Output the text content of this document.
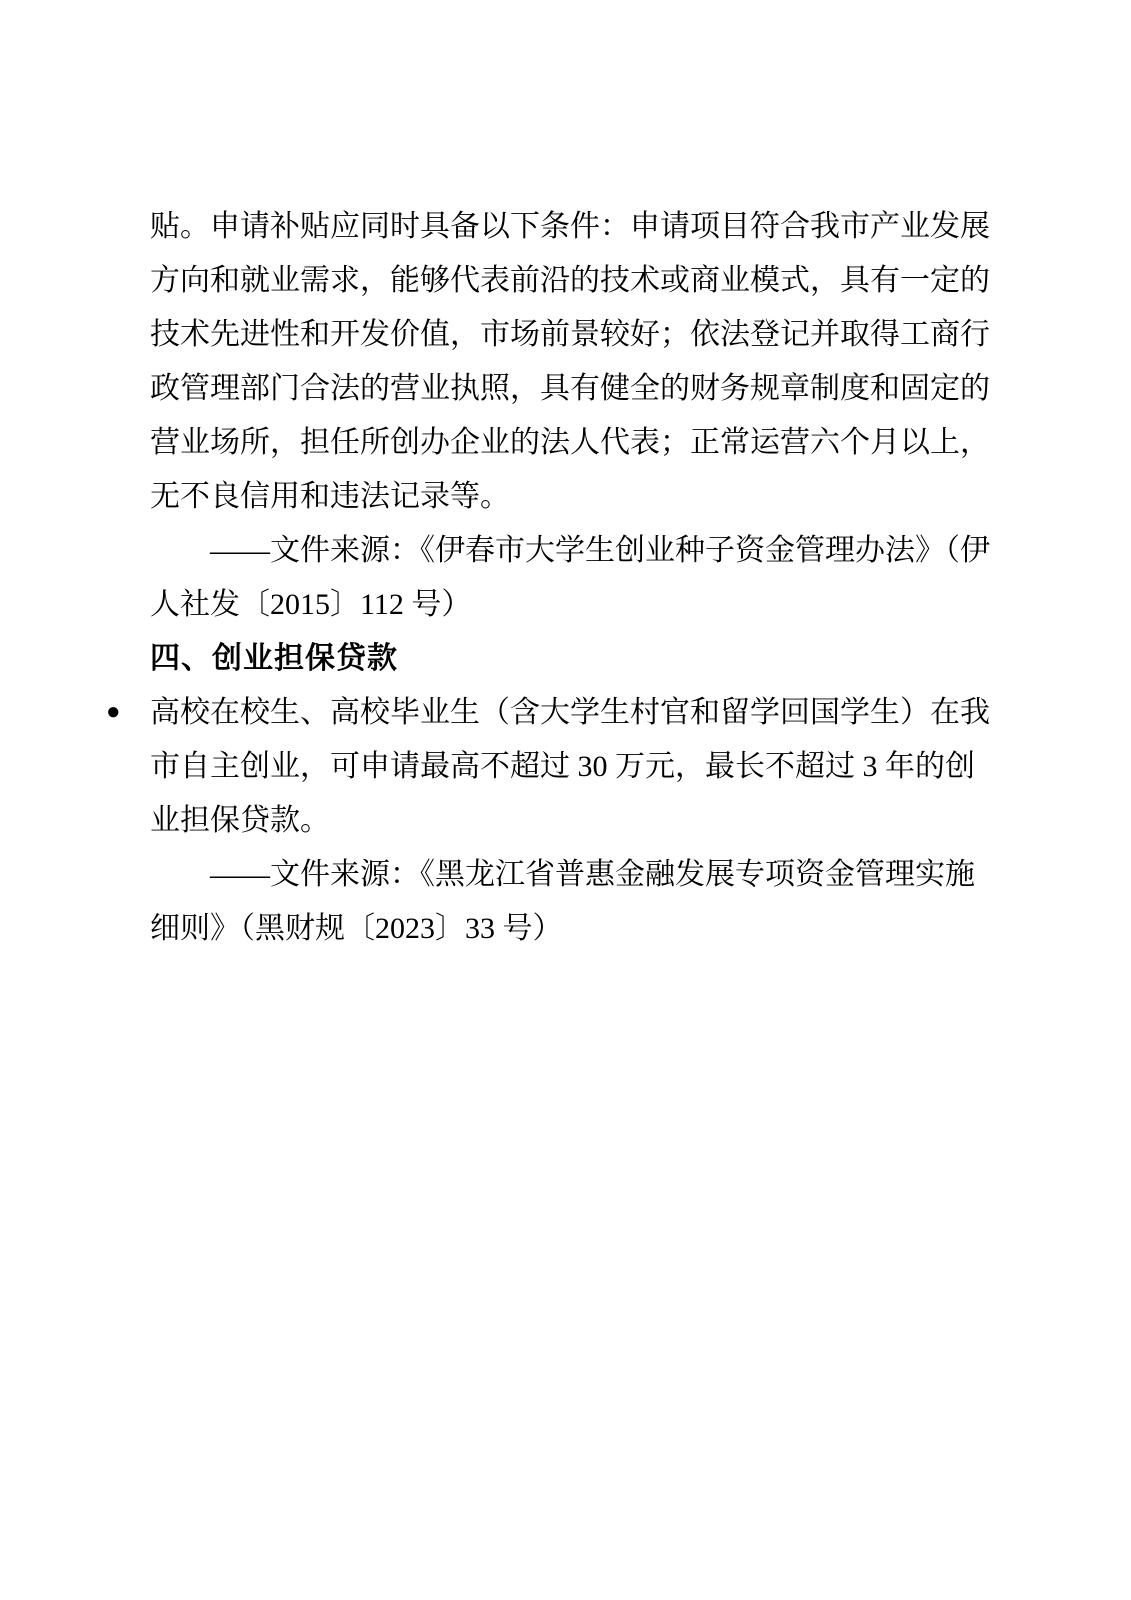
贴。申请补贴应同时具备以下条件：申请项目符合我市产业发展
方向和就业需求，能够代表前沿的技术或商业模式，具有一定的
技术先进性和开发价值，市场前景较好；依法登记并取得工商行
政管理部门合法的营业执照，具有健全的财务规章制度和固定的
营业场所，担任所创办企业的法人代表；正常运营六个月以上，
无不良信用和违法记录等。
——文件来源：《伊春市大学生创业种子资金管理办法》（伊
人社发〔2015〕112 号）
四、创业担保贷款
● 高校在校生、高校毕业生（含大学生村官和留学回国学生）在我
市自主创业，可申请最高不超过 30 万元，最长不超过 3 年的创
业担保贷款。
——文件来源：《黑龙江省普惠金融发展专项资金管理实施
细则》（黑财规〔2023〕33 号）
